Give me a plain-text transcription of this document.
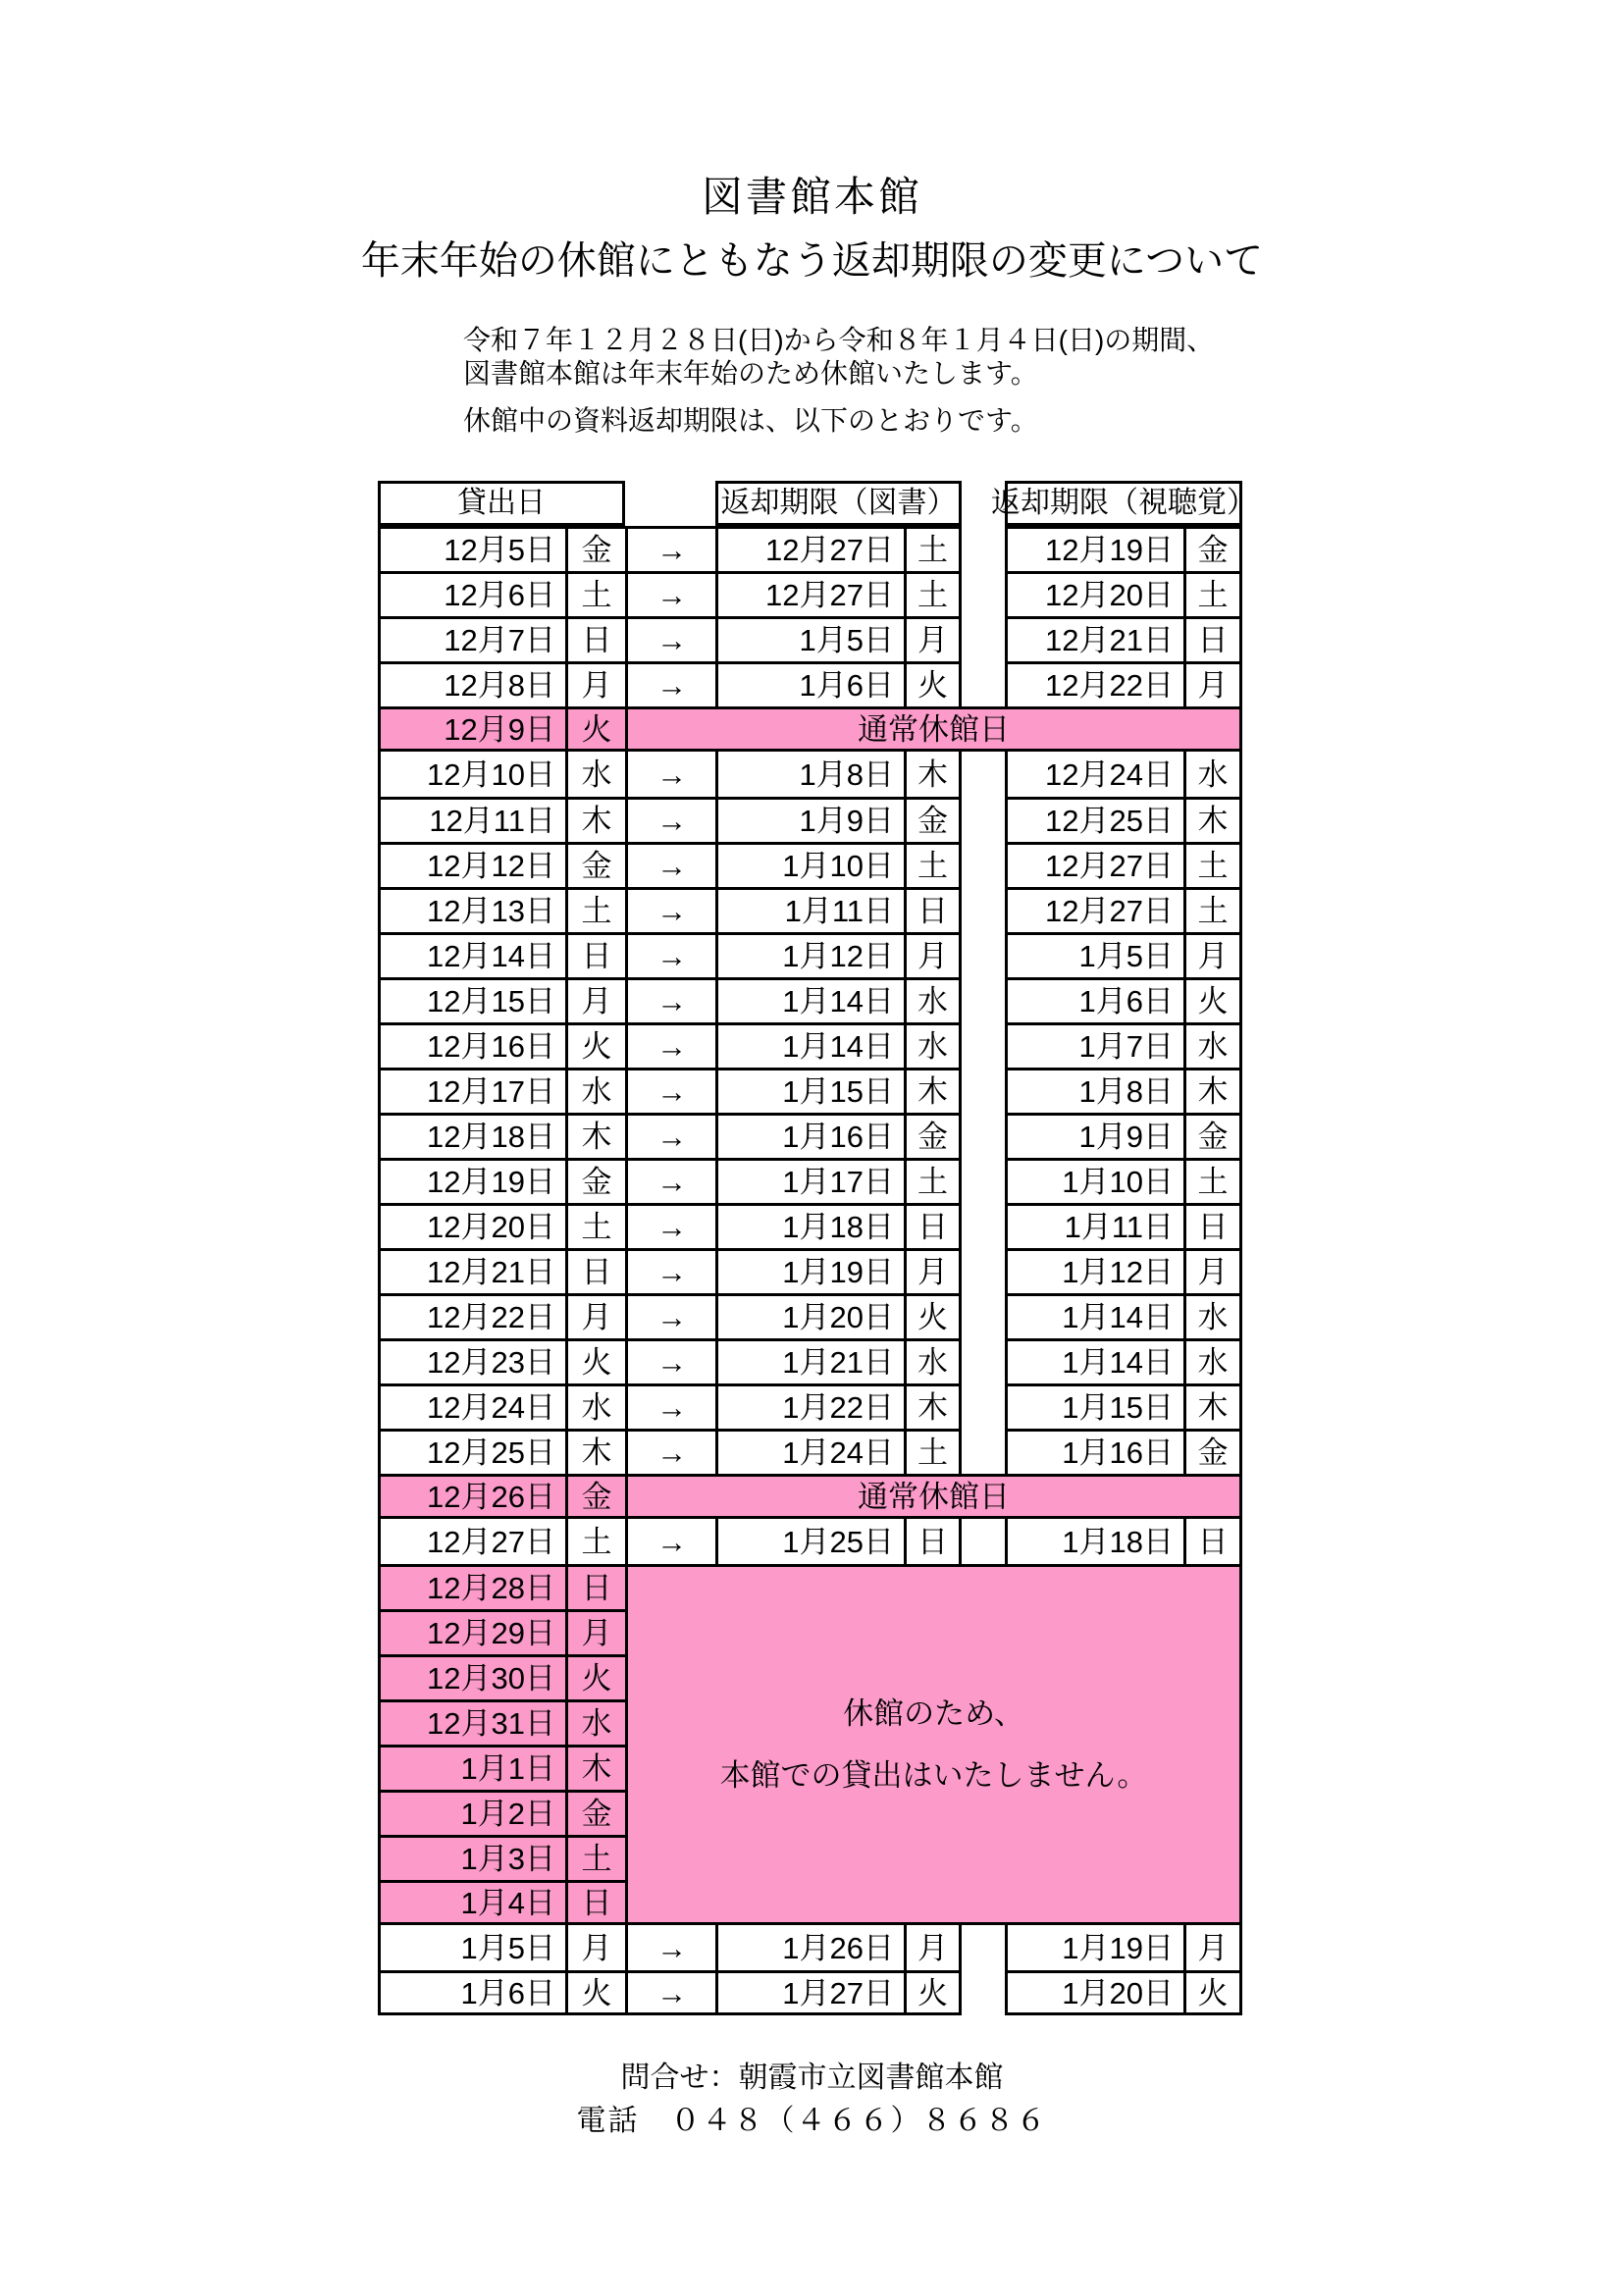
図書館本館
年末年始の休館にともなう返却期限の変更について

令和７年１２月２８日(日)から令和８年１月４日(日)の期間、
図書館本館は年末年始のため休館いたします。

休館中の資料返却期限は、以下のとおりです。

貸出日	返却期限（図書） 返却期限（視聴覚）
12月5日 金	→	12月27日 土	12月19日 金
12月6日 土	→	12月27日 土	12月20日 土
12月7日 日	→	1月5日 月	12月21日 日
12月8日 月	→	1月6日 火	12月22日 月
12月9日 火	通常休館日
12月10日 水	→	1月8日 木	12月24日 水
12月11日 木	→	1月9日 金	12月25日 木
12月12日 金	→	1月10日 土	12月27日 土
12月13日 土	→	1月11日 日	12月27日 土
12月14日 日	→	1月12日 月	1月5日 月
12月15日 月	→	1月14日 水	1月6日 火
12月16日 火	→	1月14日 水	1月7日 水
12月17日 水	→	1月15日 木	1月8日 木
12月18日 木	→	1月16日 金	1月9日 金
12月19日 金	→	1月17日 土	1月10日 土
12月20日 土	→	1月18日 日	1月11日 日
12月21日 日	→	1月19日 月	1月12日 月
12月22日 月	→	1月20日 火	1月14日 水
12月23日 火	→	1月21日 水	1月14日 水
12月24日 水	→	1月22日 木	1月15日 木
12月25日 木	→	1月24日 土	1月16日 金
12月26日 金	通常休館日
12月27日 土	→	1月25日 日	1月18日 日
12月28日 日
休館のため、
本館での貸出はいたしません。
12月29日 月
12月30日 火
12月31日 水
1月1日 木
1月2日 金
1月3日 土
1月4日 日
1月5日 月	→	1月26日 月	1月19日 月
1月6日 火	→	1月27日 火	1月20日 火
問合せ：朝霞市立図書館本館
電話　０４８（４６６）８６８６
